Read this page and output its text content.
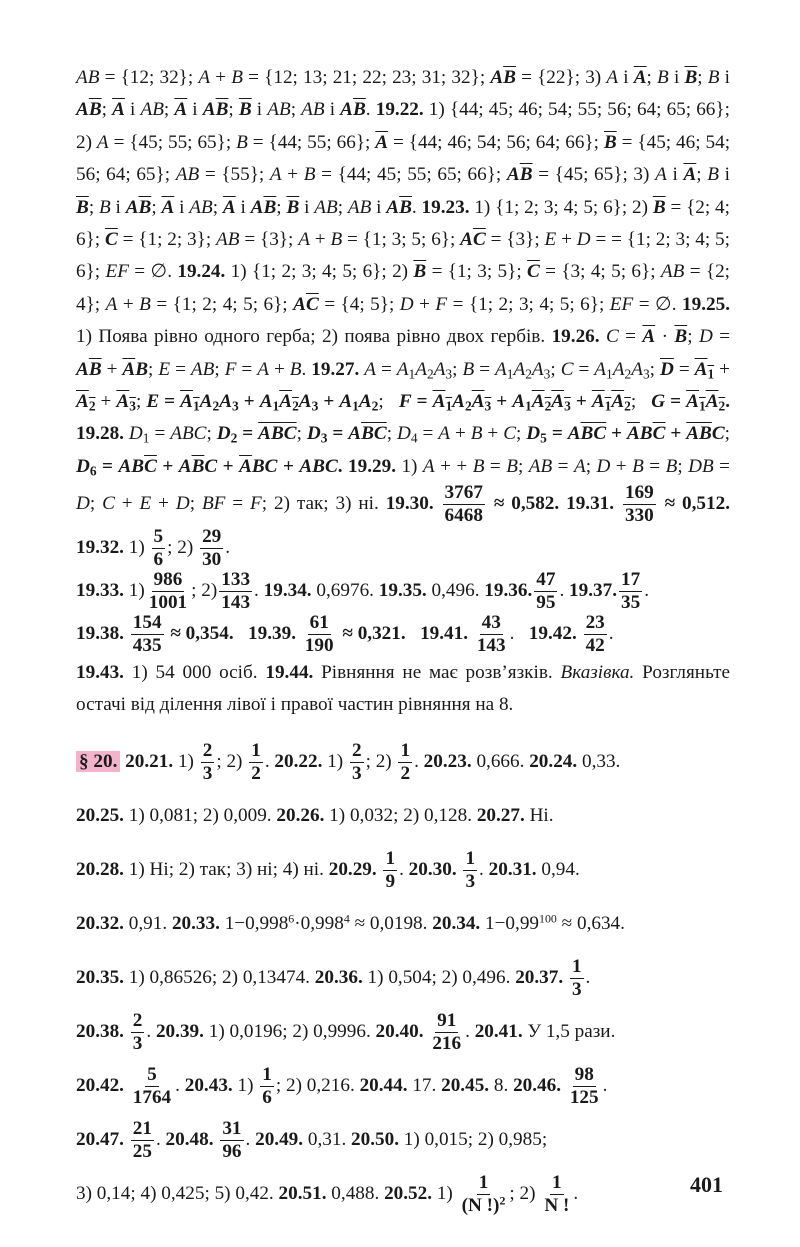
AB = {12; 32}; A + B = {12; 13; 21; 22; 23; 31; 32}; $A\overline{B} = \{22\}$; 3) A і $\overline{A}$; B і $\overline{B}$; B і $A\overline{B}$; $\overline{A}$ і AB; $\overline{A}$ і $A\overline{B}$; $\overline{B}$ і AB; AB і $A\overline{B}$. 19.22. 1) {44; 45; 46; 54; 55; 56; 64; 65; 66}; 2) A = {45; 55; 65}; B = {44; 55; 66}; $\overline{A} = \{44$; 46; 54; 56; 64; 66}; $\overline{B} = \{45$; 46; 54; 56; 64; 65}; AB = {55}; A + B = {44; 45; 55; 65; 66}; $A\overline{B} = \{45$; 65}; 3) A і $\overline{A}$; B і $\overline{B}$; B і $A\overline{B}$; $\overline{A}$ і AB; $\overline{A}$ і $A\overline{B}$; $\overline{B}$ і AB; AB і $A\overline{B}$. 19.23. 1) {1; 2; 3; 4; 5; 6}; 2) $\overline{B} = \{2$; 4; 6}; $\overline{C} = \{1$; 2; 3}; AB = {3}; A + B = {1; 3; 5; 6}; $A\overline{C} = \{3\}$; E + D = = {1; 2; 3; 4; 5; 6}; EF = ∅. 19.24. 1) {1; 2; 3; 4; 5; 6}; 2) $\overline{B} = \{1$; 3; 5}; $\overline{C} = \{3$; 4; 5; 6}; AB = {2; 4}; A + B = {1; 2; 4; 5; 6}; $A\overline{C} = \{4$; 5}; D + F = {1; 2; 3; 4; 5; 6}; EF = ∅. 19.25. 1) Поява рівно одного герба; 2) поява рівно двох гербів. 19.26. $C = \overline{A} \cdot \overline{B}$; $D = A\overline{B} + \overline{A}B$; E = AB; F = A + B. 19.27. $A = A_1A_2A_3$; $B = A_1A_2A_3$; $C = A_1A_2A_3$; $\overline{D} = A_1 + A_2 + A_3$; $E = A_1A_2A_3 + A_1A_2A_3 + A_1A_2$;   $F = A_1A_2A_3 + A_1A_2A_3 + A_1A_2$;   $G = A_1A_2$. 19.28. $D_1$ = ABC; $D_2 = \overline{A}\overline{B}\overline{C}$; $D_3 = A\overline{B}\overline{C}$; $D_4 = A + B + C$; $D_5 = A\overline{B}\overline{C} + \overline{A}B\overline{C} + \overline{A}\overline{B}C$; $D_6 = AB\overline{C} + A\overline{B}C + \overline{A}BC$ + ABC. 19.29. 1) A + + B = B; AB = A; D + B = B; DB = D; C + E + D; BF = F; 2) так; 3) ні. 19.30. $\frac{3767}{6468} \approx 0,582$. 19.31. $\frac{169}{330} \approx 0,512$. 19.32. $1) \frac{5}{6}$ ; $2) \frac{29}{30}$ .
19.33. $1) \frac{986}{1001}$ ; $2) \frac{133}{143}$ . 19.34. 0,6976. 19.35. 0,496. 19.36. $\frac{47}{95}$ . 19.37. $\frac{17}{35}$ .
19.38. $\frac{154}{435} \approx 0,354$. 19.39. $\frac{61}{190} \approx 0,321$. 19.41. $\frac{43}{143}$ .   19.42. $\frac{23}{42}$ .
19.43. 1) 54 000 осіб. 19.44. Рівняння не має розв’язків. Вказівка. Розгляньте остачі від ділення лівої і правої частин рівняння на 8.

§ 20. 20.21. $1) \frac{2}{3}$ ; $2) \frac{1}{2}$ . 20.22. $1) \frac{2}{3}$ ; $2) \frac{1}{2}$ . 20.23. 0,666. 20.24. 0,33.
20.25. 1) 0,081; 2) 0,009. 20.26. 1) 0,032; 2) 0,128. 20.27. Ні.
20.28. 1) Ні; 2) так; 3) ні; 4) ні. 20.29. $\frac{1}{9}$ . 20.30. $\frac{1}{3}$ . 20.31. 0,94.
20.32. 0,91. 20.33. $1-0,998^6\cdot 0,998^4 \approx 0,0198$. 20.34. $1-0,99^{100} \approx 0,634$.
20.35. 1) 0,86526; 2) 0,13474. 20.36. 1) 0,504; 2) 0,496. 20.37. $\frac{1}{3}$ .
20.38. $\frac{2}{3}$ . 20.39. 1) 0,0196; 2) 0,9996. 20.40. $\frac{91}{216}$ . 20.41. У 1,5 рази.
20.42. $\frac{5}{1764}$ . 20.43. $1) \frac{1}{6}$ ; 2) 0,216. 20.44. 17. 20.45. 8. 20.46. $\frac{98}{125}$ .
20.47. $\frac{21}{25}$ . 20.48. $\frac{31}{96}$ . 20.49. 0,31. 20.50. 1) 0,015; 2) 0,985;
3) 0,14; 4) 0,425; 5) 0,42. 20.51. 0,488. 20.52. $1) \frac{1}{(N !)^2}$ ; $2) \frac{1}{N !}$ .	401
